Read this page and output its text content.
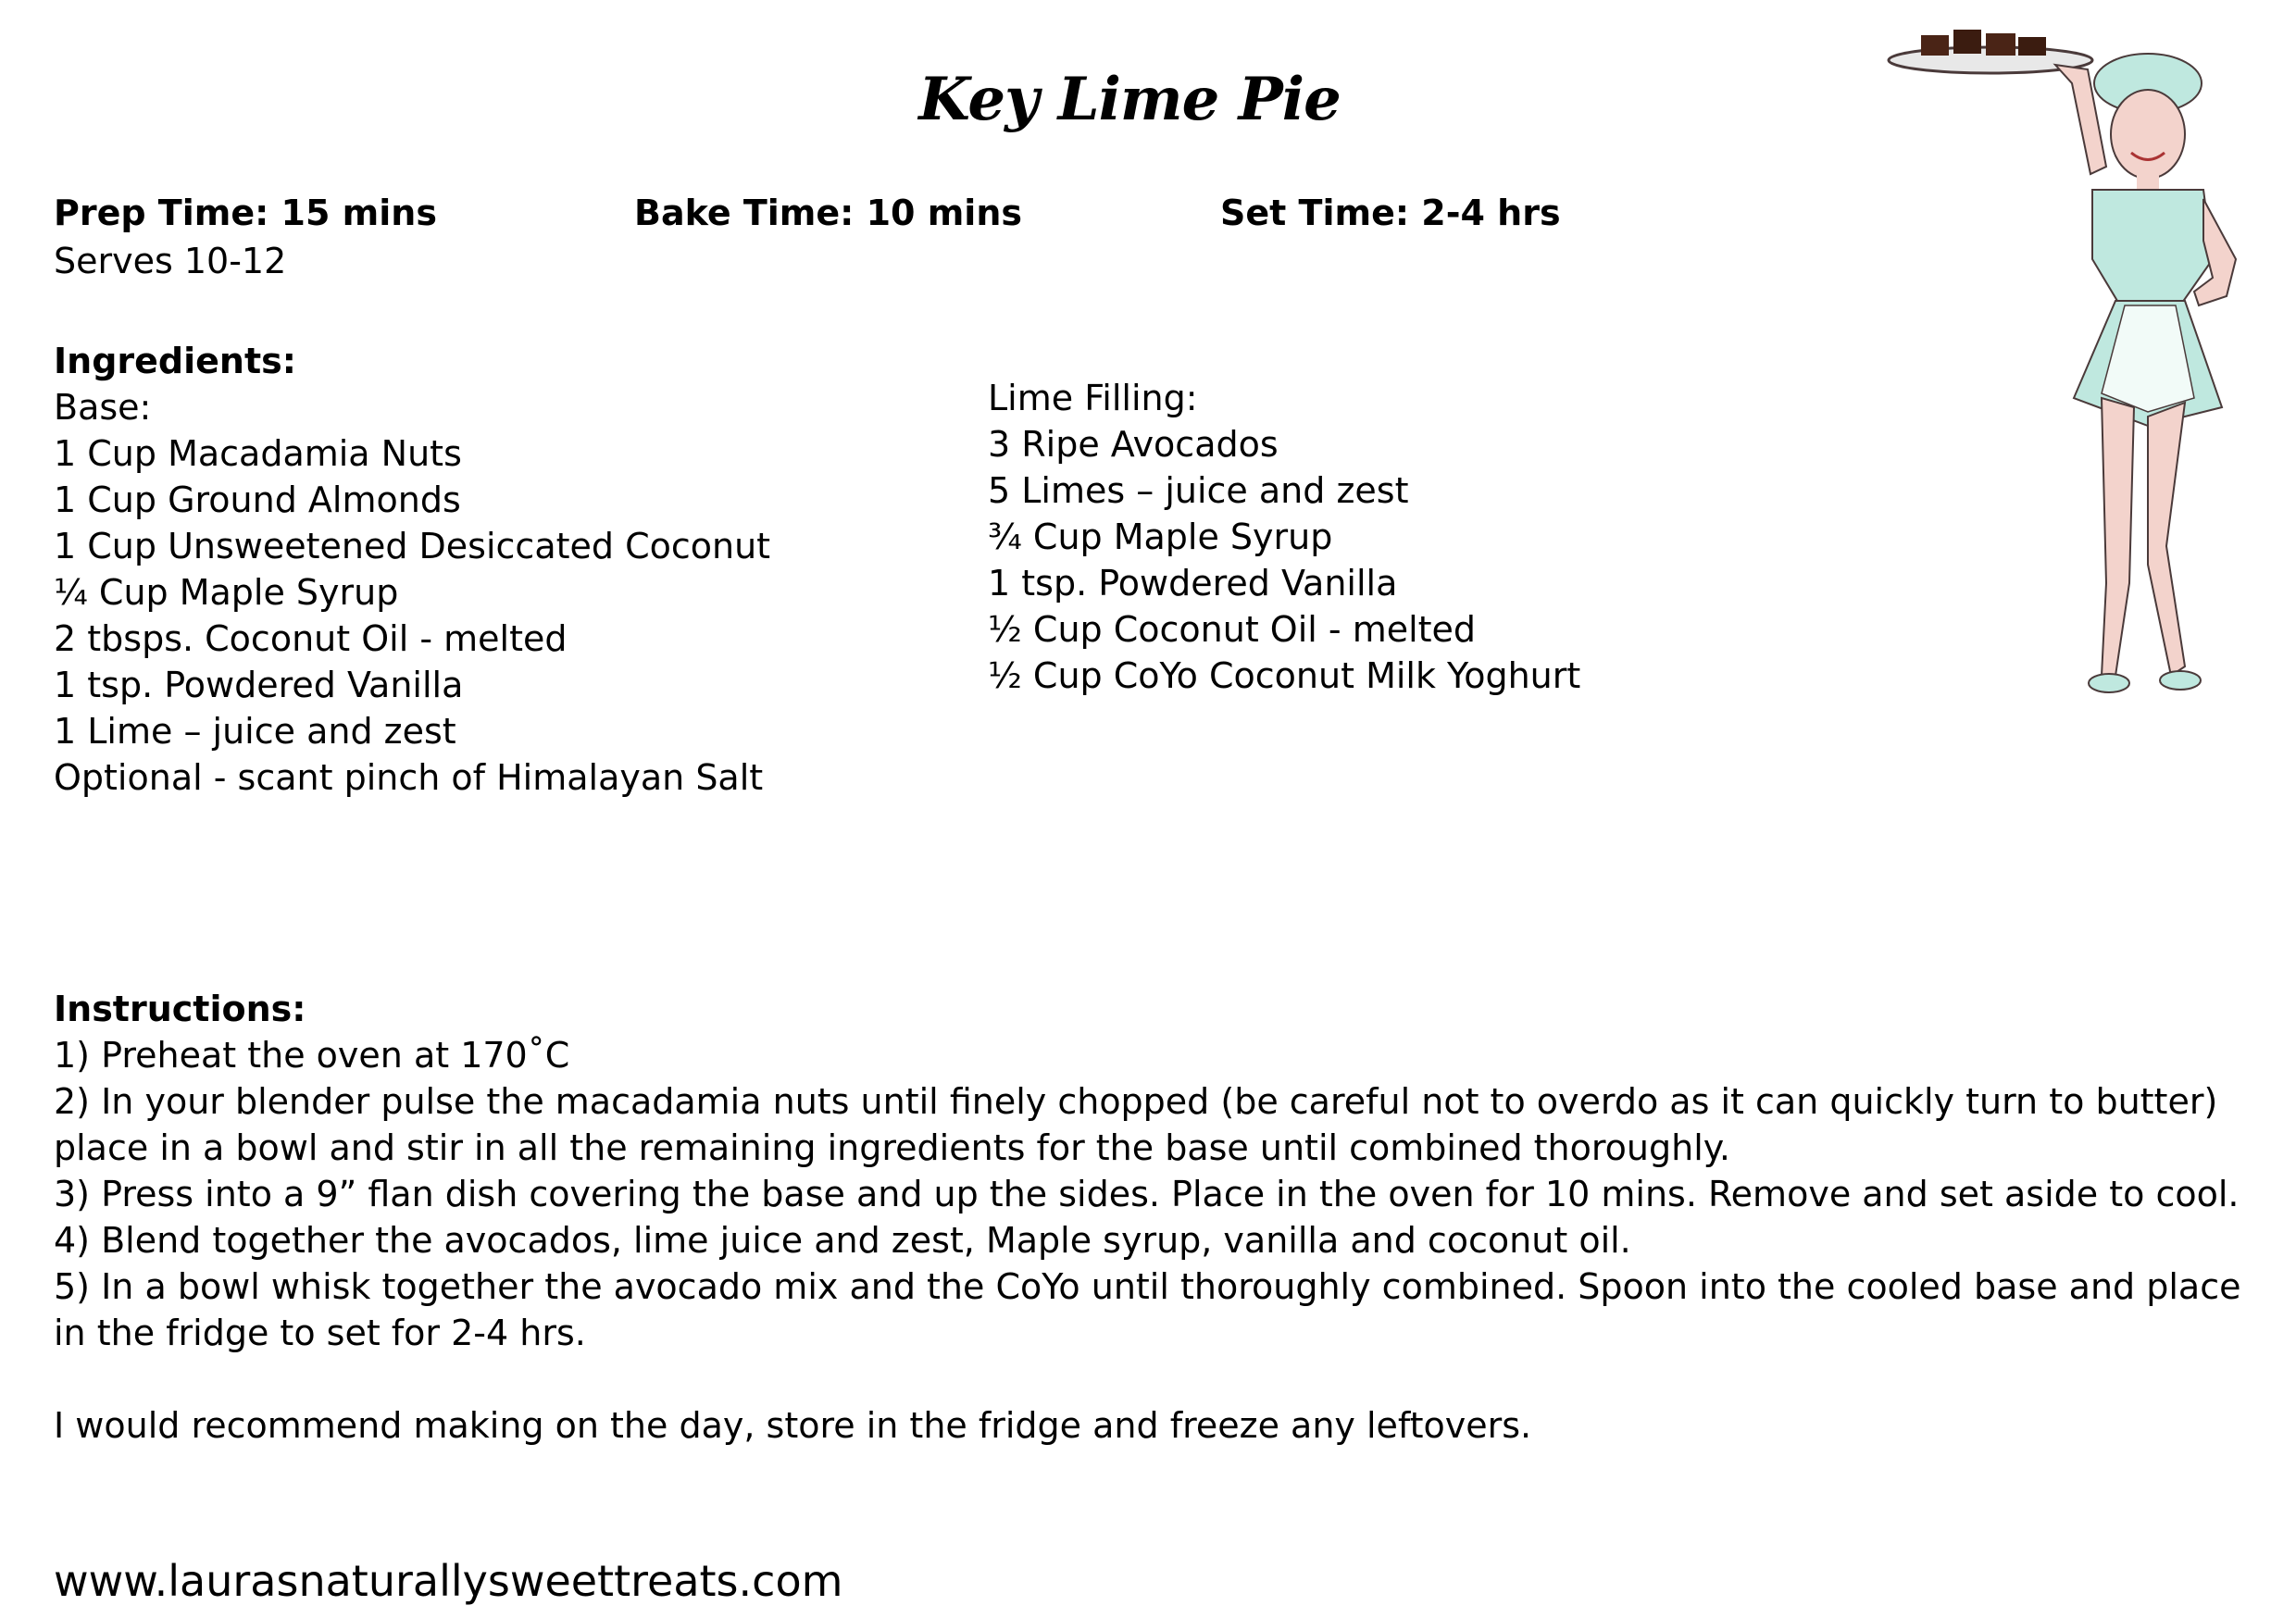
Key Lime Pie
Prep Time: 15 mins	Bake Time: 10 mins	Set Time: 2-4 hrs
Serves 10-12
Ingredients:
Base:
1 Cup Macadamia Nuts
1 Cup Ground Almonds
1 Cup Unsweetened Desiccated Coconut
¼ Cup Maple Syrup
2 tbsps. Coconut Oil - melted
1 tsp. Powdered Vanilla
1 Lime – juice and zest
Optional - scant pinch of Himalayan Salt
Lime Filling:
3 Ripe Avocados
5 Limes – juice and zest
¾ Cup Maple Syrup
1 tsp. Powdered Vanilla
½ Cup Coconut Oil - melted
½ Cup CoYo Coconut Milk Yoghurt
Instructions:
1) Preheat the oven at 170˚C
2) In your blender pulse the macadamia nuts until finely chopped (be careful not to overdo as it can quickly turn to butter) place in a bowl and stir in all the remaining ingredients for the base until combined thoroughly.
3) Press into a 9” flan dish covering the base and up the sides. Place in the oven for 10 mins. Remove and set aside to cool.
4) Blend together the avocados, lime juice and zest, Maple syrup, vanilla and coconut oil.
5) In a bowl whisk together the avocado mix and the CoYo until thoroughly combined. Spoon into the cooled base and place in the fridge to set for 2-4 hrs.
I would recommend making on the day, store in the fridge and freeze any leftovers.
www.laurasnaturallysweettreats.com
